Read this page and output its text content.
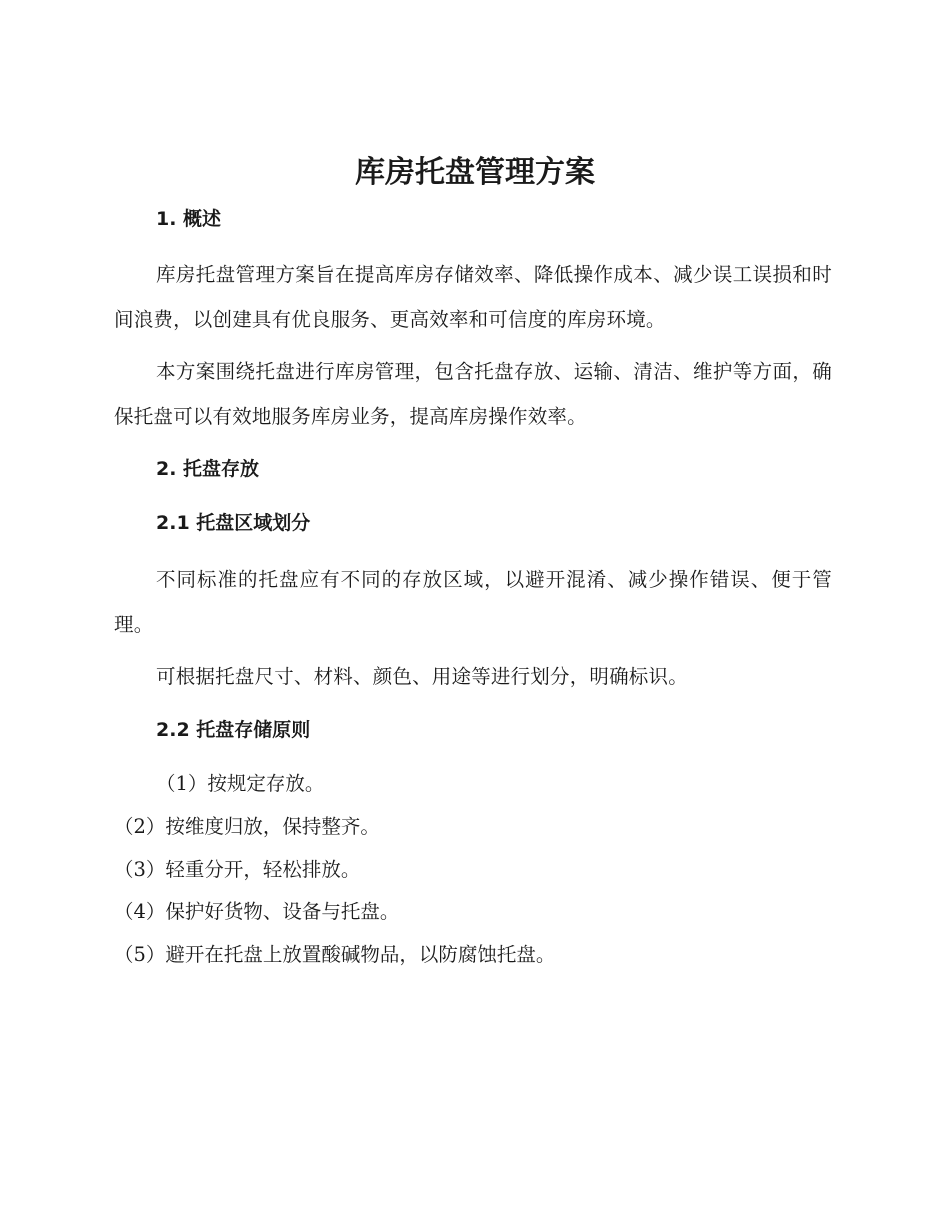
库房托盘管理方案
1. 概述

库房托盘管理方案旨在提高库房存储效率、降低操作成本、减少误工误损和时间浪费，以创建具有优良服务、更高效率和可信度的库房环境。

本方案围绕托盘进行库房管理，包含托盘存放、运输、清洁、维护等方面，确保托盘可以有效地服务库房业务，提高库房操作效率。

2. 托盘存放
2.1 托盘区域划分

不同标准的托盘应有不同的存放区域，以避开混淆、减少操作错误、便于管理。

可根据托盘尺寸、材料、颜色、用途等进行划分，明确标识。

2.2 托盘存储原则

（1）按规定存放。

（2）按维度归放，保持整齐。

（3）轻重分开，轻松排放。

（4）保护好货物、设备与托盘。

（5）避开在托盘上放置酸碱物品，以防腐蚀托盘。
